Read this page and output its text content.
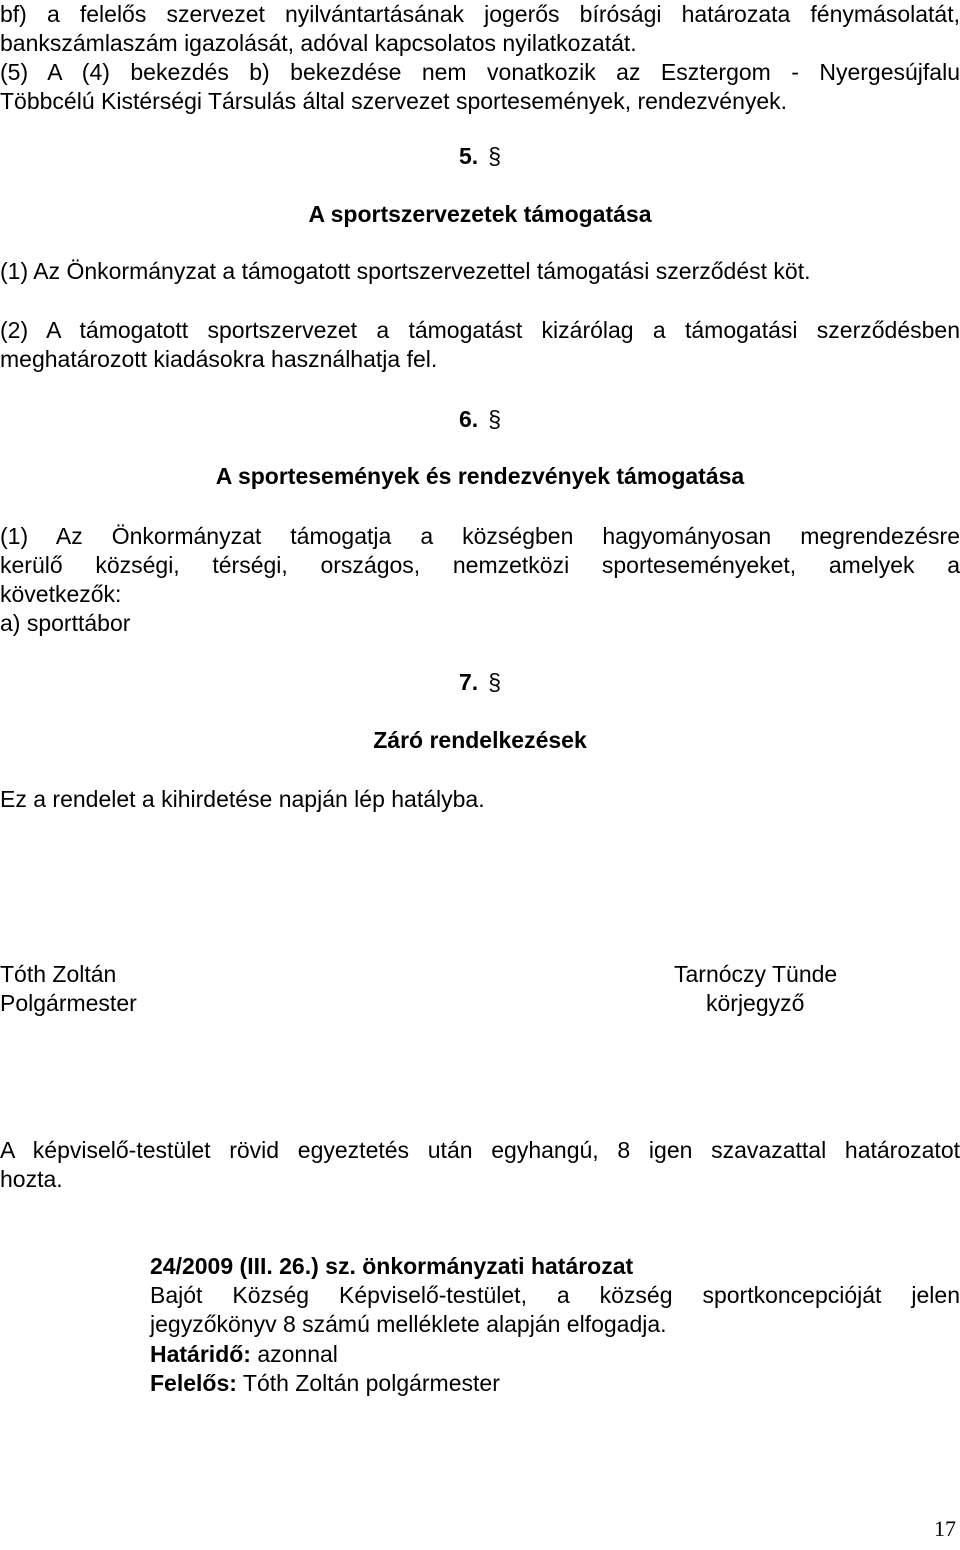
bf) a felelős szervezet nyilvántartásának jogerős bírósági határozata fénymásolatát,
bankszámlaszám igazolását, adóval kapcsolatos nyilatkozatát.
(5) A (4) bekezdés b) bekezdése nem vonatkozik az Esztergom - Nyergesújfalu
Többcélú Kistérségi Társulás által szervezet sportesemények, rendezvények.
5. §
A sportszervezetek támogatása
(1) Az Önkormányzat a támogatott sportszervezettel támogatási szerződést köt.
(2) A támogatott sportszervezet a támogatást kizárólag a támogatási szerződésben
meghatározott kiadásokra használhatja fel.
6. §
A sportesemények és rendezvények támogatása
(1) Az Önkormányzat támogatja a községben hagyományosan megrendezésre
kerülő községi, térségi, országos, nemzetközi sporteseményeket, amelyek a
következők:
a) sporttábor
7. §
Záró rendelkezések
Ez a rendelet a kihirdetése napján lép hatályba.
Tóth Zoltán
Polgármester
Tarnóczy Tünde
körjegyző
A képviselő-testület rövid egyeztetés után egyhangú, 8 igen szavazattal határozatot
hozta.
24/2009 (III. 26.) sz. önkormányzati határozat
Bajót Község Képviselő-testület, a község sportkoncepcióját jelen
jegyzőkönyv 8 számú melléklete alapján elfogadja.
Határidő: azonnal
Felelős: Tóth Zoltán polgármester
17
